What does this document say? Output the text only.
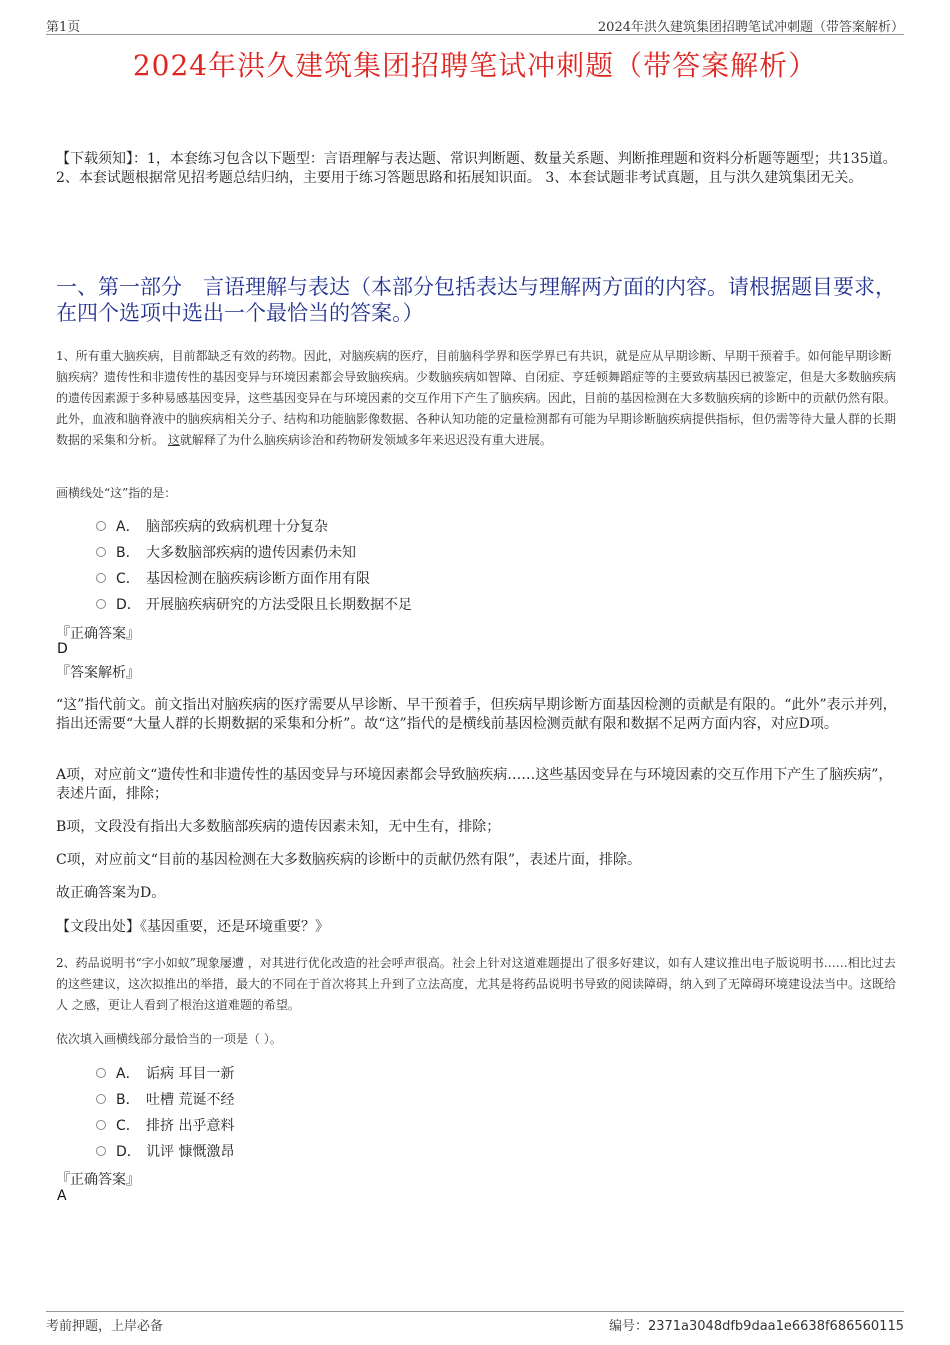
第1页	2024年洪久建筑集团招聘笔试冲刺题（带答案解析）
2024年洪久建筑集团招聘笔试冲刺题（带答案解析）
【下载须知】：1，本套练习包含以下题型：言语理解与表达题、常识判断题、数量关系题、判断推理题和资料分析题等题型；共135道。 2、本套试题根据常见招考题总结归纳，主要用于练习答题思路和拓展知识面。 3、本套试题非考试真题，且与洪久建筑集团无关。
一、第一部分　言语理解与表达（本部分包括表达与理解两方面的内容。请根据题目要求，在四个选项中选出一个最恰当的答案。）
1、所有重大脑疾病，目前都缺乏有效的药物。因此，对脑疾病的医疗，目前脑科学界和医学界已有共识，就是应从早期诊断、早期干预着手。如何能早期诊断脑疾病？遗传性和非遗传性的基因变异与环境因素都会导致脑疾病。少数脑疾病如智障、自闭症、亨廷顿舞蹈症等的主要致病基因已被鉴定，但是大多数脑疾病的遗传因素源于多种易感基因变异，这些基因变异在与环境因素的交互作用下产生了脑疾病。因此，目前的基因检测在大多数脑疾病的诊断中的贡献仍然有限。此外，血液和脑脊液中的脑疾病相关分子、结构和功能脑影像数据、各种认知功能的定量检测都有可能为早期诊断脑疾病提供指标，但仍需等待大量人群的长期数据的采集和分析。 这就解释了为什么脑疾病诊治和药物研发领域多年来迟迟没有重大进展。
画横线处“这”指的是：
A． 脑部疾病的致病机理十分复杂
B． 大多数脑部疾病的遗传因素仍未知
C． 基因检测在脑疾病诊断方面作用有限
D． 开展脑疾病研究的方法受限且长期数据不足
『正确答案』
D
『答案解析』
“这”指代前文。前文指出对脑疾病的医疗需要从早诊断、早干预着手，但疾病早期诊断方面基因检测的贡献是有限的。“此外”表示并列，指出还需要“大量人群的长期数据的采集和分析”。故“这”指代的是横线前基因检测贡献有限和数据不足两方面内容，对应D项。
A项，对应前文“遗传性和非遗传性的基因变异与环境因素都会导致脑疾病……这些基因变异在与环境因素的交互作用下产生了脑疾病”，表述片面，排除；
B项，文段没有指出大多数脑部疾病的遗传因素未知，无中生有，排除；
C项，对应前文“目前的基因检测在大多数脑疾病的诊断中的贡献仍然有限”，表述片面，排除。
故正确答案为D。
【文段出处】《基因重要，还是环境重要？》
2、药品说明书“字小如蚁”现象屡遭 ，对其进行优化改造的社会呼声很高。社会上针对这道难题提出了很多好建议，如有人建议推出电子版说明书……相比过去的这些建议，这次拟推出的举措，最大的不同在于首次将其上升到了立法高度，尤其是将药品说明书导致的阅读障碍，纳入到了无障碍环境建设法当中。这既给人 之感，更让人看到了根治这道难题的希望。
依次填入画横线部分最恰当的一项是（ ）。
A． 诟病 耳目一新
B． 吐槽 荒诞不经
C． 排挤 出乎意料
D． 讥评 慷慨激昂
『正确答案』
A
考前押题，上岸必备	编号：2371a3048dfb9daa1e6638f686560115
